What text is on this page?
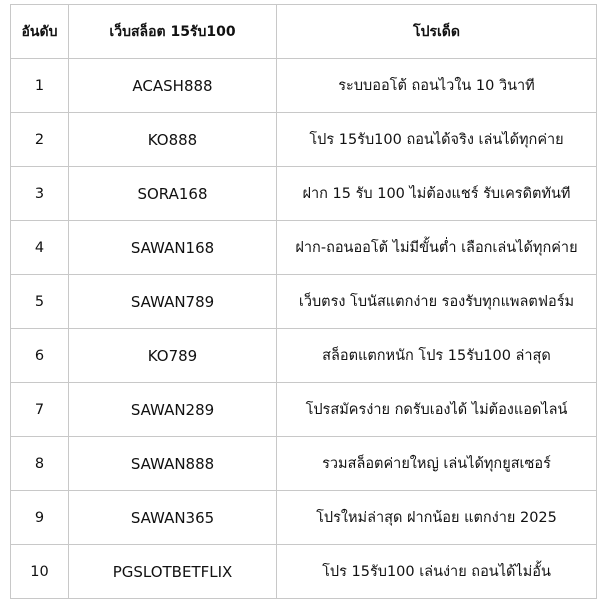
อันดับ	เว็บสล็อต 15รับ100	โปรเด็ด
1	ACASH888	ระบบออโต้ ถอนไวใน 10 วินาที
2	KO888	โปร 15รับ100 ถอนได้จริง เล่นได้ทุกค่าย
3	SORA168	ฝาก 15 รับ 100 ไม่ต้องแชร์ รับเครดิตทันที
4	SAWAN168	ฝาก-ถอนออโต้ ไม่มีขั้นต่ำ เลือกเล่นได้ทุกค่าย
5	SAWAN789	เว็บตรง โบนัสแตกง่าย รองรับทุกแพลตฟอร์ม
6	KO789	สล็อตแตกหนัก โปร 15รับ100 ล่าสุด
7	SAWAN289	โปรสมัครง่าย กดรับเองได้ ไม่ต้องแอดไลน์
8	SAWAN888	รวมสล็อตค่ายใหญ่ เล่นได้ทุกยูสเซอร์
9	SAWAN365	โปรใหม่ล่าสุด ฝากน้อย แตกง่าย 2025
10	PGSLOTBETFLIX	โปร 15รับ100 เล่นง่าย ถอนได้ไม่อั้น
